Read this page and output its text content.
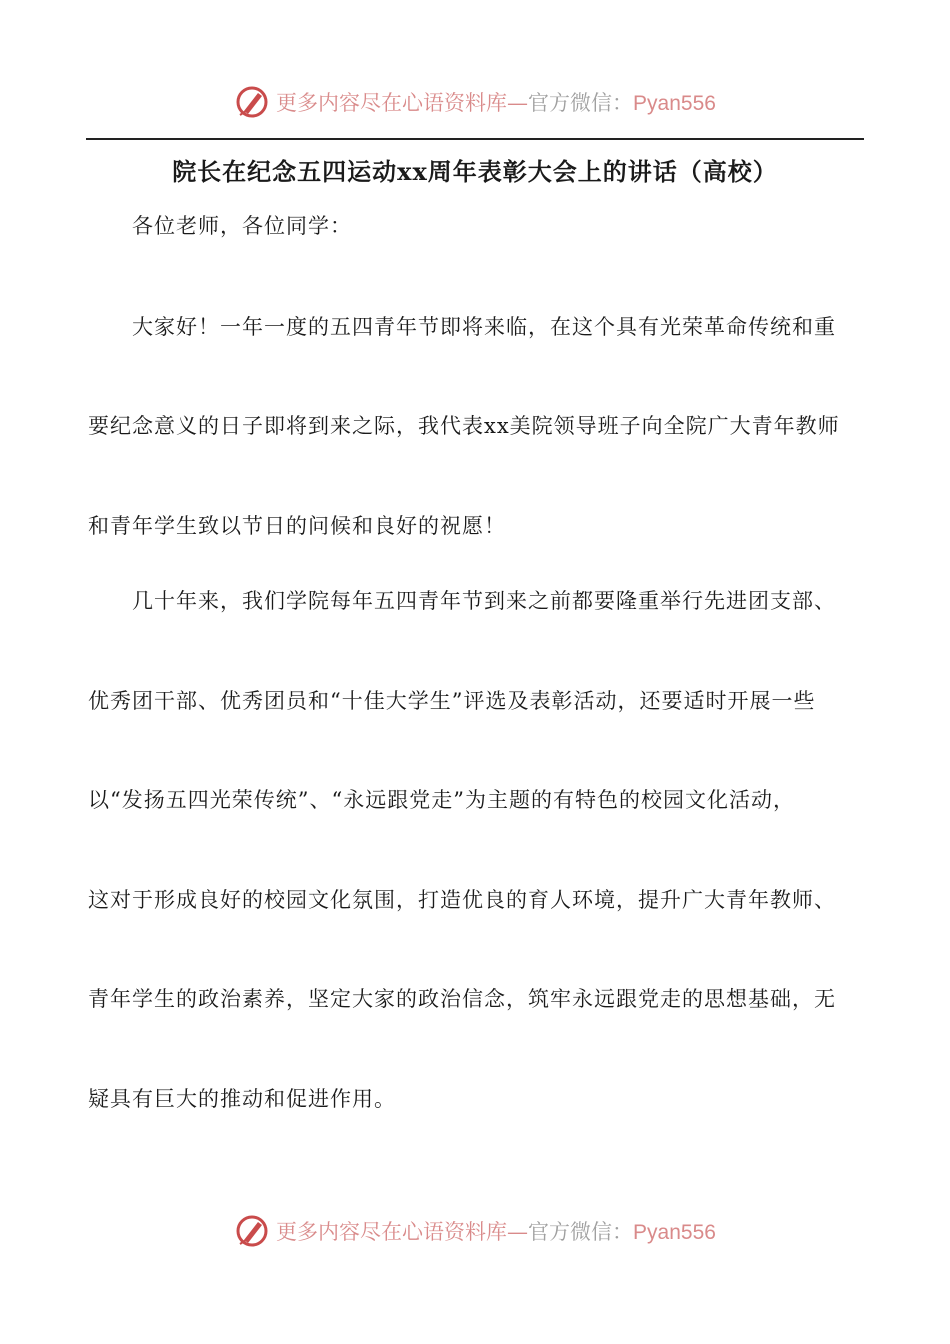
更多内容尽在心语资料库—官方微信：Pyan556
院长在纪念五四运动xx周年表彰大会上的讲话（高校）
各位老师，各位同学：
大家好！一年一度的五四青年节即将来临，在这个具有光荣革命传统和重
要纪念意义的日子即将到来之际，我代表xx美院领导班子向全院广大青年教师
和青年学生致以节日的问候和良好的祝愿！
几十年来，我们学院每年五四青年节到来之前都要隆重举行先进团支部、
优秀团干部、优秀团员和“十佳大学生”评选及表彰活动，还要适时开展一些
以“发扬五四光荣传统”、“永远跟党走”为主题的有特色的校园文化活动，
这对于形成良好的校园文化氛围，打造优良的育人环境，提升广大青年教师、
青年学生的政治素养，坚定大家的政治信念，筑牢永远跟党走的思想基础，无
疑具有巨大的推动和促进作用。
更多内容尽在心语资料库—官方微信：Pyan556
